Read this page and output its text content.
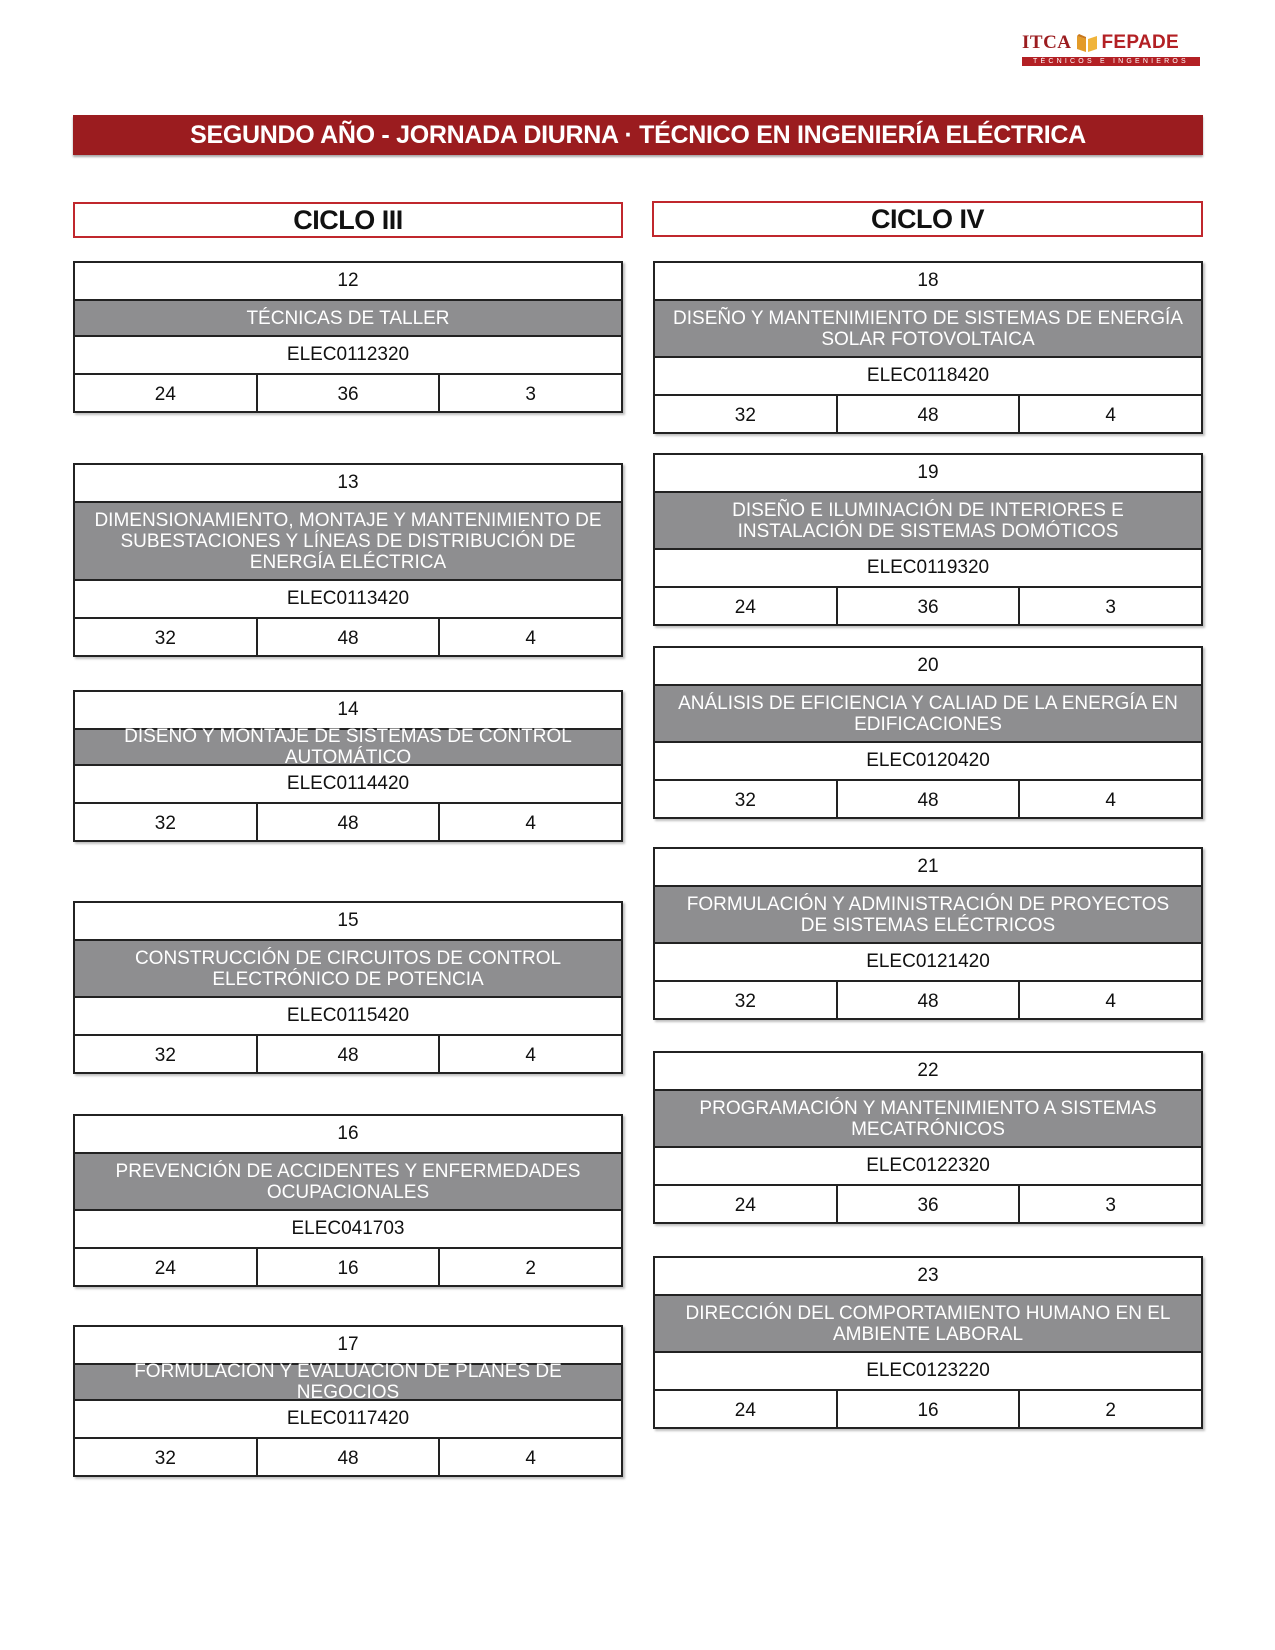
ITCA FEPADE
TÉCNICOS E INGENIEROS
SEGUNDO AÑO - JORNADA DIURNA · TÉCNICO EN INGENIERÍA ELÉCTRICA
CICLO III	CICLO IV
12
TÉCNICAS DE TALLER
ELEC0112320
24	36	3
13
DIMENSIONAMIENTO, MONTAJE Y MANTENIMIENTO DE SUBESTACIONES Y LÍNEAS DE DISTRIBUCIÓN DE ENERGÍA ELÉCTRICA
ELEC0113420
32	48	4
14
DISEÑO Y MONTAJE DE SISTEMAS DE CONTROL AUTOMÁTICO
ELEC0114420
32	48	4
15
CONSTRUCCIÓN DE CIRCUITOS DE CONTROL ELECTRÓNICO DE POTENCIA
ELEC0115420
32	48	4
16
PREVENCIÓN DE ACCIDENTES Y ENFERMEDADES OCUPACIONALES
ELEC041703
24	16	2
17
FORMULACIÓN Y EVALUACIÓN DE PLANES DE NEGOCIOS
ELEC0117420
32	48	4
18
DISEÑO Y MANTENIMIENTO DE SISTEMAS DE ENERGÍA SOLAR FOTOVOLTAICA
ELEC0118420
32	48	4
19
DISEÑO E ILUMINACIÓN DE INTERIORES E INSTALACIÓN DE SISTEMAS DOMÓTICOS
ELEC0119320
24	36	3
20
ANÁLISIS DE EFICIENCIA Y CALIAD DE LA ENERGÍA EN EDIFICACIONES
ELEC0120420
32	48	4
21
FORMULACIÓN Y ADMINISTRACIÓN DE PROYECTOS DE SISTEMAS ELÉCTRICOS
ELEC0121420
32	48	4
22
PROGRAMACIÓN Y MANTENIMIENTO A SISTEMAS MECATRÓNICOS
ELEC0122320
24	36	3
23
DIRECCIÓN DEL COMPORTAMIENTO HUMANO EN EL AMBIENTE LABORAL
ELEC0123220
24	16	2
